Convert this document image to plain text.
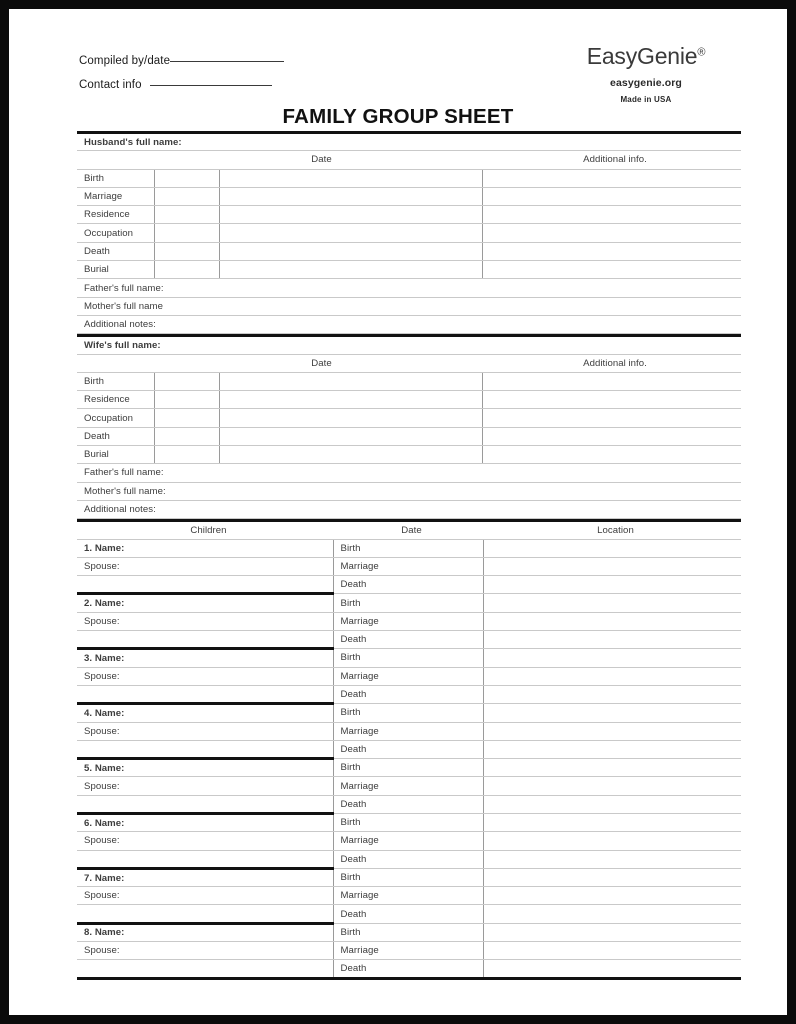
Compiled by/date
Contact info
EasyGenie®
easygenie.org
Made in USA
FAMILY GROUP SHEET
Husband's full name:			
	Date		Additional info.
Birth			
Marriage			
Residence			
Occupation			
Death			
Burial			
Father's full name:			
Mother's full name			
Additional notes:			
Wife's full name:			
	Date		Additional info.
Birth			
Residence			
Occupation			
Death			
Burial			
Father's full name:			
Mother's full name:			
Additional notes:			
Children	Date	Location
1. Name:	Birth	
Spouse:	Marriage	
	Death	
2. Name:	Birth	
Spouse:	Marriage	
	Death	
3. Name:	Birth	
Spouse:	Marriage	
	Death	
4. Name:	Birth	
Spouse:	Marriage	
	Death	
5. Name:	Birth	
Spouse:	Marriage	
	Death	
6. Name:	Birth	
Spouse:	Marriage	
	Death	
7. Name:	Birth	
Spouse:	Marriage	
	Death	
8. Name:	Birth	
Spouse:	Marriage	
	Death	
